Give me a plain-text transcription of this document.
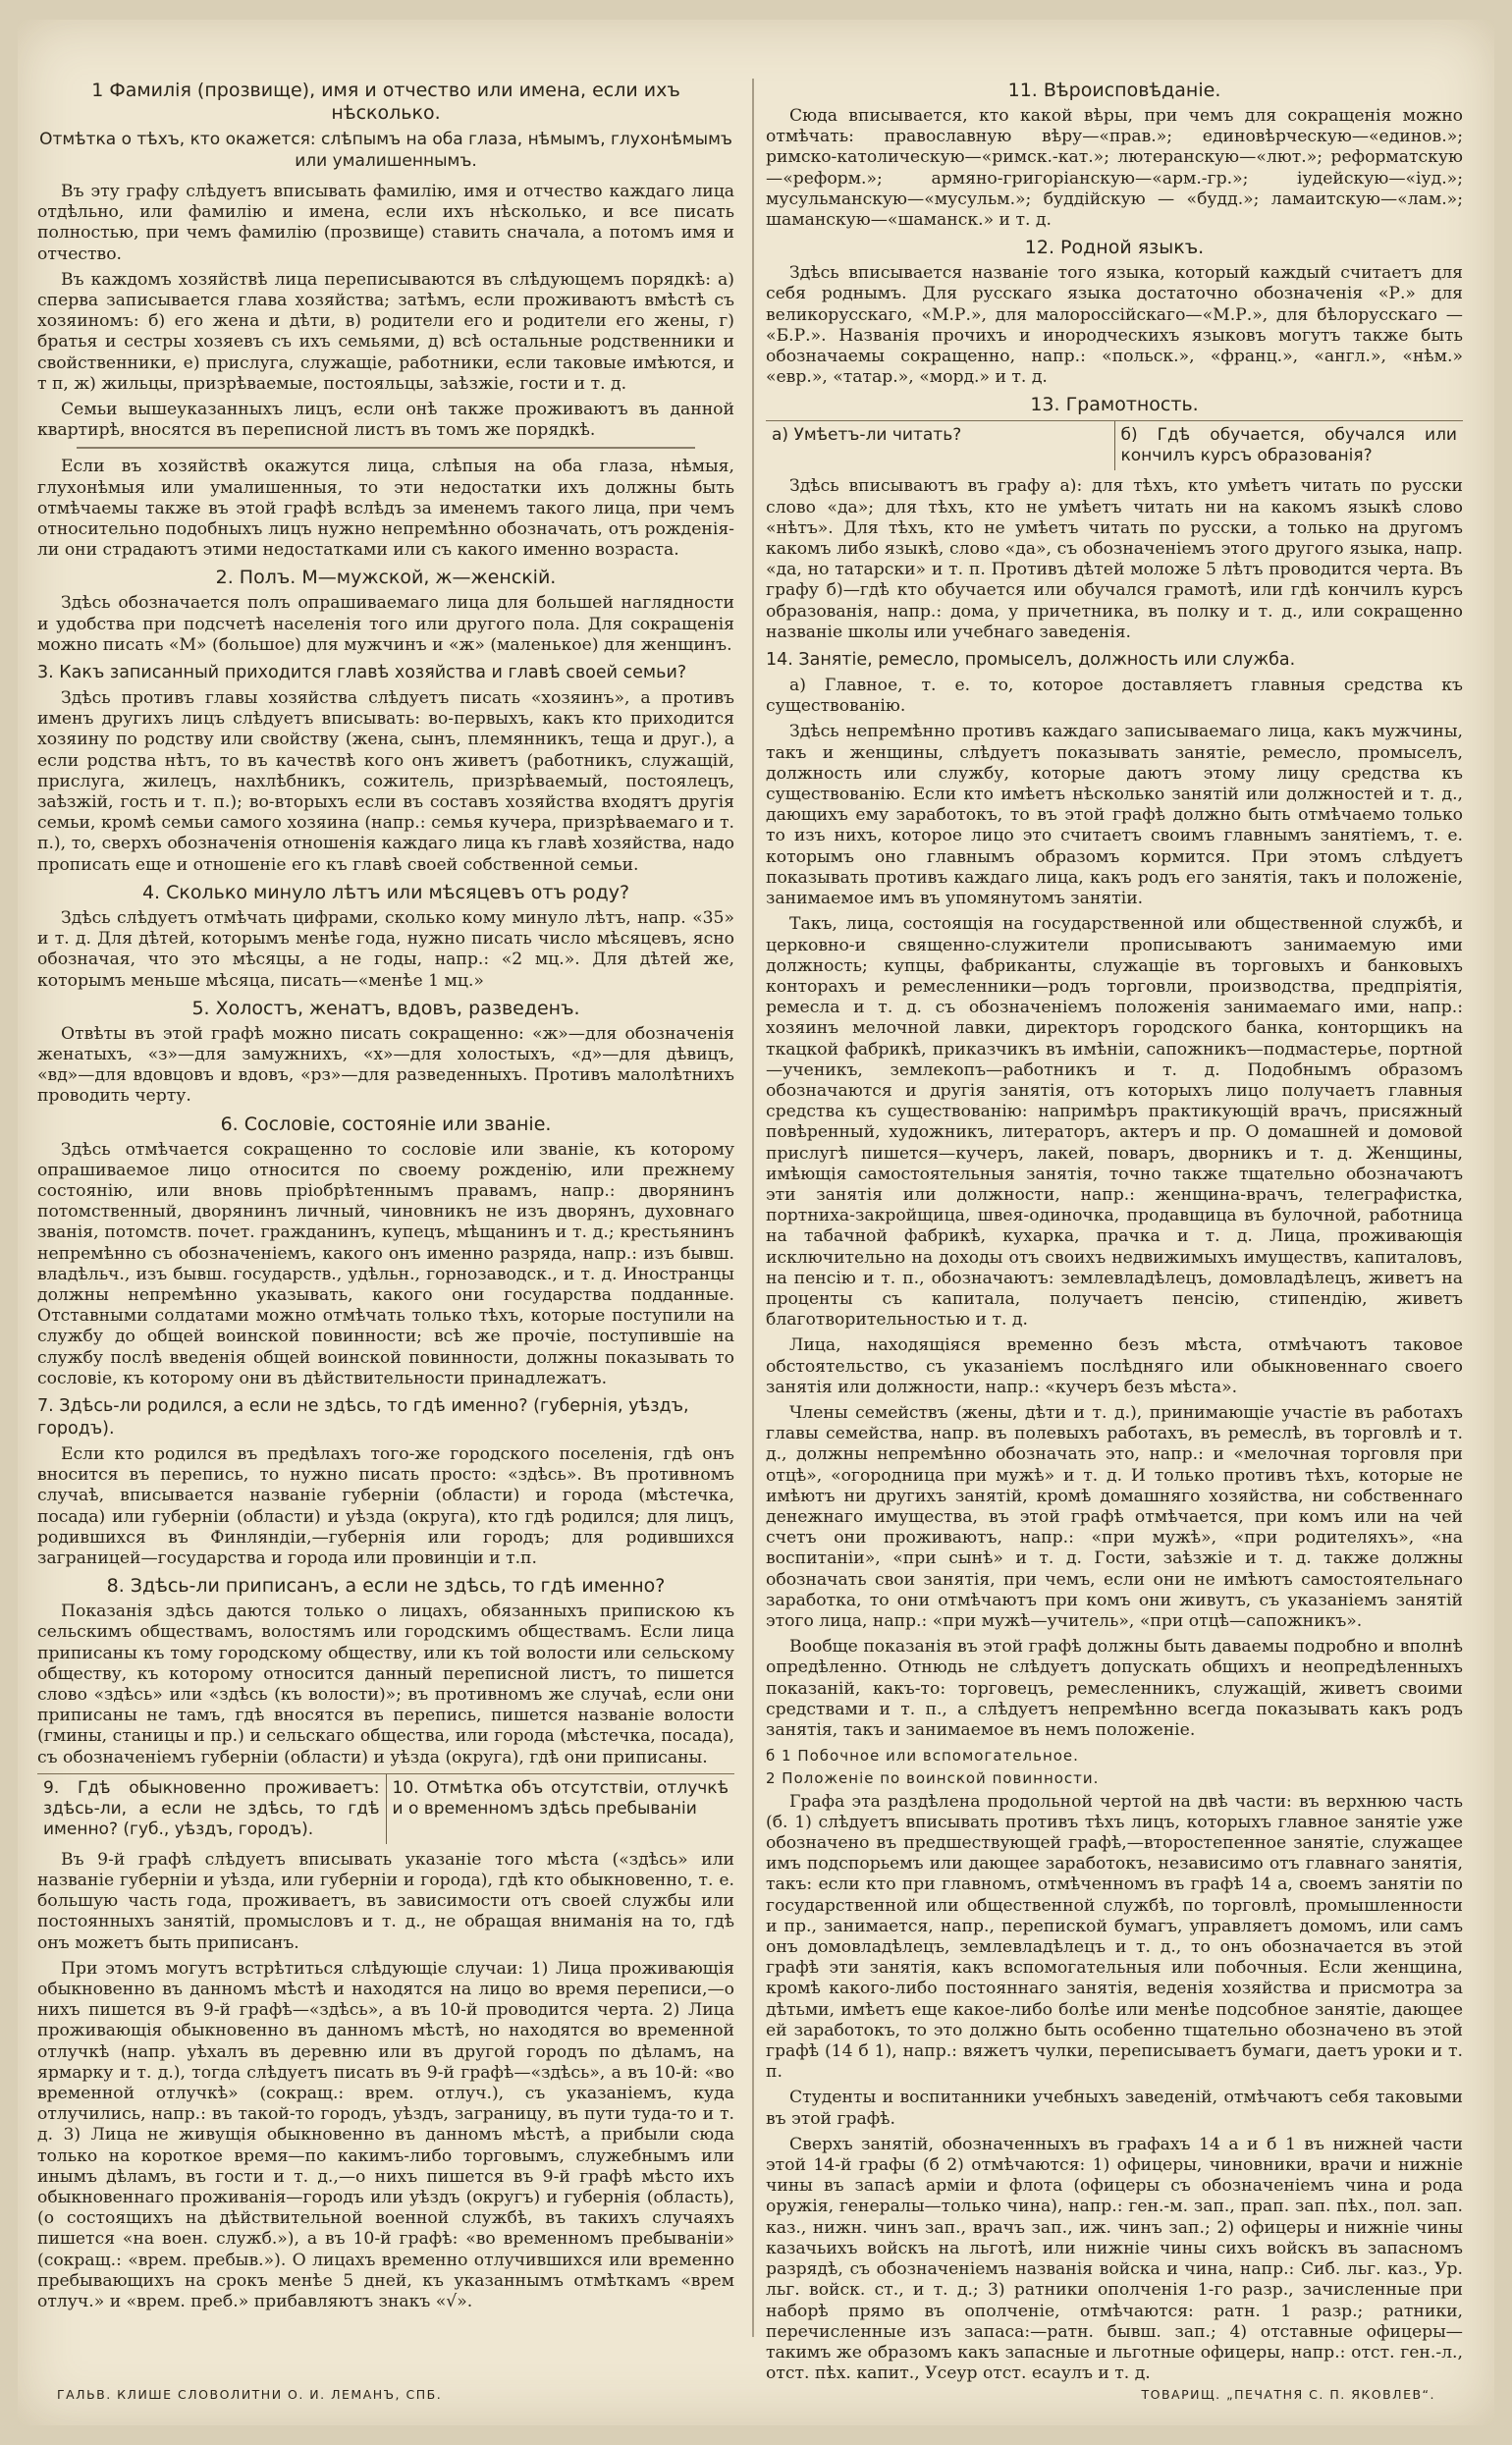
1 Фамилія (прозвище), имя и отчество или имена, если ихъ нѣсколько.
Отмѣтка о тѣхъ, кто окажется: слѣпымъ на оба глаза, нѣмымъ, глухонѣмымъ или умалишеннымъ.

Въ эту графу слѣдуетъ вписывать фамилію, имя и отчество каждаго лица отдѣльно, или фамилію и имена, если ихъ нѣсколько, и все писать полностью, при чемъ фамилію (прозвище) ставить сначала, а потомъ имя и отчество.

Въ каждомъ хозяйствѣ лица переписываются въ слѣдующемъ порядкѣ: а) сперва записывается глава хозяйства; затѣмъ, если проживаютъ вмѣстѣ съ хозяиномъ: б) его жена и дѣти, в) родители его и родители его жены, г) братья и сестры хозяевъ съ ихъ семьями, д) всѣ остальные родственники и свойственники, е) прислуга, служащіе, работники, если таковые имѣются, и т п, ж) жильцы, призрѣваемые, постояльцы, заѣзжіе, гости и т. д.

Семьи вышеуказанныхъ лицъ, если онѣ также проживаютъ въ данной квартирѣ, вносятся въ переписной листъ въ томъ же порядкѣ.

Если въ хозяйствѣ окажутся лица, слѣпыя на оба глаза, нѣмыя, глухонѣмыя или умалишенныя, то эти недостатки ихъ должны быть отмѣчаемы также въ этой графѣ вслѣдъ за именемъ такого лица, при чемъ относительно подобныхъ лицъ нужно непремѣнно обозначать, отъ рожденія-ли они страдаютъ этими недостатками или съ какого именно возраста.

2. Полъ. М—мужской, ж—женскій.

Здѣсь обозначается полъ опрашиваемаго лица для большей наглядности и удобства при подсчетѣ населенія того или другого пола. Для сокращенія можно писать «М» (большое) для мужчинъ и «ж» (маленькое) для женщинъ.

3. Какъ записанный приходится главѣ хозяйства и главѣ своей семьи?

Здѣсь противъ главы хозяйства слѣдуетъ писать «хозяинъ», а противъ именъ другихъ лицъ слѣдуетъ вписывать: во-первыхъ, какъ кто приходится хозяину по родству или свойству (жена, сынъ, племянникъ, теща и друг.), а если родства нѣтъ, то въ качествѣ кого онъ живетъ (работникъ, служащій, прислуга, жилецъ, нахлѣбникъ, сожитель, призрѣваемый, постоялецъ, заѣзжій, гость и т. п.); во-вторыхъ если въ составъ хозяйства входятъ другія семьи, кромѣ семьи самого хозяина (напр.: семья кучера, призрѣваемаго и т. п.), то, сверхъ обозначенія отношенія каждаго лица къ главѣ хозяйства, надо прописать еще и отношеніе его къ главѣ своей собственной семьи.

4. Сколько минуло лѣтъ или мѣсяцевъ отъ роду?

Здѣсь слѣдуетъ отмѣчать цифрами, сколько кому минуло лѣтъ, напр. «35» и т. д. Для дѣтей, которымъ менѣе года, нужно писать число мѣсяцевъ, ясно обозначая, что это мѣсяцы, а не годы, напр.: «2 мц.». Для дѣтей же, которымъ меньше мѣсяца, писать—«менѣе 1 мц.»

5. Холостъ, женатъ, вдовъ, разведенъ.

Отвѣты въ этой графѣ можно писать сокращенно: «ж»—для обозначенія женатыхъ, «з»—для замужнихъ, «х»—для холостыхъ, «д»—для дѣвицъ, «вд»—для вдовцовъ и вдовъ, «рз»—для разведенныхъ. Противъ малолѣтнихъ проводить черту.

6. Сословіе, состояніе или званіе.

Здѣсь отмѣчается сокращенно то сословіе или званіе, къ которому опрашиваемое лицо относится по своему рожденію, или прежнему состоянію, или вновь пріобрѣтеннымъ правамъ, напр.: дворянинъ потомственный, дворянинъ личный, чиновникъ не изъ дворянъ, духовнаго званія, потомств. почет. гражданинъ, купецъ, мѣщанинъ и т. д.; крестьянинъ непремѣнно съ обозначеніемъ, какого онъ именно разряда, напр.: изъ бывш. владѣльч., изъ бывш. государств., удѣльн., горнозаводск., и т. д. Иностранцы должны непремѣнно указывать, какого они государства подданные. Отставными солдатами можно отмѣчать только тѣхъ, которые поступили на службу до общей воинской повинности; всѣ же прочіе, поступившіе на службу послѣ введенія общей воинской повинности, должны показывать то сословіе, къ которому они въ дѣйствительности принадлежатъ.

7. Здѣсь-ли родился, а если не здѣсь, то гдѣ именно? (губернія, уѣздъ, городъ).

Если кто родился въ предѣлахъ того-же городского поселенія, гдѣ онъ вносится въ перепись, то нужно писать просто: «здѣсь». Въ противномъ случаѣ, вписывается названіе губерніи (области) и города (мѣстечка, посада) или губерніи (области) и уѣзда (округа), кто гдѣ родился; для лицъ, родившихся въ Финляндіи,—губернія или городъ; для родившихся заграницей—государства и города или провинціи и т.п.

8. Здѣсь-ли приписанъ, а если не здѣсь, то гдѣ именно?

Показанія здѣсь даются только о лицахъ, обязанныхъ припискою къ сельскимъ обществамъ, волостямъ или городскимъ обществамъ. Если лица приписаны къ тому городскому обществу, или къ той волости или сельскому обществу, къ которому относится данный переписной листъ, то пишется слово «здѣсь» или «здѣсь (къ волости)»; въ противномъ же случаѣ, если они приписаны не тамъ, гдѣ вносятся въ перепись, пишется названіе волости (гмины, станицы и пр.) и сельскаго общества, или города (мѣстечка, посада), съ обозначеніемъ губерніи (области) и уѣзда (округа), гдѣ они приписаны.

9. Гдѣ обыкновенно проживаетъ: здѣсь-ли, а если не здѣсь, то гдѣ именно? (губ., уѣздъ, городъ).
10. Отмѣтка объ отсутствіи, отлучкѣ и о временномъ здѣсь пребываніи

Въ 9-й графѣ слѣдуетъ вписывать указаніе того мѣста («здѣсь» или названіе губерніи и уѣзда, или губерніи и города), гдѣ кто обыкновенно, т. е. большую часть года, проживаетъ, въ зависимости отъ своей службы или постоянныхъ занятій, промысловъ и т. д., не обращая вниманія на то, гдѣ онъ можетъ быть приписанъ.

При этомъ могутъ встрѣтиться слѣдующіе случаи: 1) Лица проживающія обыкновенно въ данномъ мѣстѣ и находятся на лицо во время переписи,—о нихъ пишется въ 9-й графѣ—«здѣсь», а въ 10-й проводится черта. 2) Лица проживающія обыкновенно въ данномъ мѣстѣ, но находятся во временной отлучкѣ (напр. уѣхалъ въ деревню или въ другой городъ по дѣламъ, на ярмарку и т. д.), тогда слѣдуетъ писать въ 9-й графѣ—«здѣсь», а въ 10-й: «во временной отлучкѣ» (сокращ.: врем. отлуч.), съ указаніемъ, куда отлучились, напр.: въ такой-то городъ, уѣздъ, заграницу, въ пути туда-то и т. д. 3) Лица не живущія обыкновенно въ данномъ мѣстѣ, а прибыли сюда только на короткое время—по какимъ-либо торговымъ, служебнымъ или инымъ дѣламъ, въ гости и т. д.,—о нихъ пишется въ 9-й графѣ мѣсто ихъ обыкновеннаго проживанія—городъ или уѣздъ (округъ) и губернія (область), (о состоящихъ на дѣйствительной военной службѣ, въ такихъ случаяхъ пишется «на воен. служб.»), а въ 10-й графѣ: «во временномъ пребываніи» (сокращ.: «врем. пребыв.»). О лицахъ временно отлучившихся или временно пребывающихъ на срокъ менѣе 5 дней, къ указаннымъ отмѣткамъ «врем отлуч.» и «врем. преб.» прибавляютъ знакъ «√».

11. Вѣроисповѣданіе.

Сюда вписывается, кто какой вѣры, при чемъ для сокращенія можно отмѣчать: православную вѣру—«прав.»; единовѣрческую—«единов.»; римско-католическую—«римск.-кат.»; лютеранскую—«лют.»; реформатскую—«реформ.»; армяно-григоріанскую—«арм.-гр.»; іудейскую—«іуд.»; мусульманскую—«мусульм.»; буддійскую — «будд.»; ламаитскую—«лам.»; шаманскую—«шаманск.» и т. д.

12. Родной языкъ.

Здѣсь вписывается названіе того языка, который каждый считаетъ для себя роднымъ. Для русскаго языка достаточно обозначенія «Р.» для великорусскаго, «М.Р.», для малороссійскаго—«М.Р.», для бѣлорусскаго — «Б.Р.». Названія прочихъ и инородческихъ языковъ могутъ также быть обозначаемы сокращенно, напр.: «польск.», «франц.», «англ.», «нѣм.» «евр.», «татар.», «морд.» и т. д.

13. Грамотность.
а) Умѣетъ-ли читать?	б) Гдѣ обучается, обучался или кончилъ курсъ образованія?

Здѣсь вписываютъ въ графу а): для тѣхъ, кто умѣетъ читать по русски слово «да»; для тѣхъ, кто не умѣетъ читать ни на какомъ языкѣ слово «нѣтъ». Для тѣхъ, кто не умѣетъ читать по русски, а только на другомъ какомъ либо языкѣ, слово «да», съ обозначеніемъ этого другого языка, напр. «да, но татарски» и т. п. Противъ дѣтей моложе 5 лѣтъ проводится черта. Въ графу б)—гдѣ кто обучается или обучался грамотѣ, или гдѣ кончилъ курсъ образованія, напр.: дома, у причетника, въ полку и т. д., или сокращенно названіе школы или учебнаго заведенія.

14. Занятіе, ремесло, промыселъ, должность или служба.

а) Главное, т. е. то, которое доставляетъ главныя средства къ существованію.

Здѣсь непремѣнно противъ каждаго записываемаго лица, какъ мужчины, такъ и женщины, слѣдуетъ показывать занятіе, ремесло, промыселъ, должность или службу, которые даютъ этому лицу средства къ существованію. Если кто имѣетъ нѣсколько занятій или должностей и т. д., дающихъ ему заработокъ, то въ этой графѣ должно быть отмѣчаемо только то изъ нихъ, которое лицо это считаетъ своимъ главнымъ занятіемъ, т. е. которымъ оно главнымъ образомъ кормится. При этомъ слѣдуетъ показывать противъ каждаго лица, какъ родъ его занятія, такъ и положеніе, занимаемое имъ въ упомянутомъ занятіи.

Такъ, лица, состоящія на государственной или общественной службѣ, и церковно-и священно-служители прописываютъ занимаемую ими должность; купцы, фабриканты, служащіе въ торговыхъ и банковыхъ конторахъ и ремесленники—родъ торговли, производства, предпріятія, ремесла и т. д. съ обозначеніемъ положенія занимаемаго ими, напр.: хозяинъ мелочной лавки, директоръ городского банка, конторщикъ на ткацкой фабрикѣ, приказчикъ въ имѣніи, сапожникъ—подмастерье, портной—ученикъ, землекопъ—работникъ и т. д. Подобнымъ образомъ обозначаются и другія занятія, отъ которыхъ лицо получаетъ главныя средства къ существованію: напримѣръ практикующій врачъ, присяжный повѣренный, художникъ, литераторъ, актеръ и пр. О домашней и домовой прислугѣ пишется—кучеръ, лакей, поваръ, дворникъ и т. д. Женщины, имѣющія самостоятельныя занятія, точно также тщательно обозначаютъ эти занятія или должности, напр.: женщина-врачъ, телеграфистка, портниха-закройщица, швея-одиночка, продавщица въ булочной, работница на табачной фабрикѣ, кухарка, прачка и т. д. Лица, проживающія исключительно на доходы отъ своихъ недвижимыхъ имуществъ, капиталовъ, на пенсію и т. п., обозначаютъ: землевладѣлецъ, домовладѣлецъ, живетъ на проценты съ капитала, получаетъ пенсію, стипендію, живетъ благотворительностью и т. д.

Лица, находящіяся временно безъ мѣста, отмѣчаютъ таковое обстоятельство, съ указаніемъ послѣдняго или обыкновеннаго своего занятія или должности, напр.: «кучеръ безъ мѣста».

Члены семействъ (жены, дѣти и т. д.), принимающіе участіе въ работахъ главы семейства, напр. въ полевыхъ работахъ, въ ремеслѣ, въ торговлѣ и т. д., должны непремѣнно обозначать это, напр.: и «мелочная торговля при отцѣ», «огородница при мужѣ» и т. д. И только противъ тѣхъ, которые не имѣютъ ни другихъ занятій, кромѣ домашняго хозяйства, ни собственнаго денежнаго имущества, въ этой графѣ отмѣчается, при комъ или на чей счетъ они проживаютъ, напр.: «при мужѣ», «при родителяхъ», «на воспитаніи», «при сынѣ» и т. д. Гости, заѣзжіе и т. д. также должны обозначать свои занятія, при чемъ, если они не имѣютъ самостоятельнаго заработка, то они отмѣчаютъ при комъ они живутъ, съ указаніемъ занятій этого лица, напр.: «при мужѣ—учитель», «при отцѣ—сапожникъ».

Вообще показанія въ этой графѣ должны быть даваемы подробно и вполнѣ опредѣленно. Отнюдь не слѣдуетъ допускать общихъ и неопредѣленныхъ показаній, какъ-то: торговецъ, ремесленникъ, служащій, живетъ своими средствами и т. п., а слѣдуетъ непремѣнно всегда показывать какъ родъ занятія, такъ и занимаемое въ немъ положеніе.

б 1 Побочное или вспомогательное.

2 Положеніе по воинской повинности.

Графа эта раздѣлена продольной чертой на двѣ части: въ верхнюю часть (б. 1) слѣдуетъ вписывать противъ тѣхъ лицъ, которыхъ главное занятіе уже обозначено въ предшествующей графѣ,—второстепенное занятіе, служащее имъ подспорьемъ или дающее заработокъ, независимо отъ главнаго занятія, такъ: если кто при главномъ, отмѣченномъ въ графѣ 14 а, своемъ занятіи по государственной или общественной службѣ, по торговлѣ, промышленности и пр., занимается, напр., перепиской бумагъ, управляетъ домомъ, или самъ онъ домовладѣлецъ, землевладѣлецъ и т. д., то онъ обозначается въ этой графѣ эти занятія, какъ вспомогательныя или побочныя. Если женщина, кромѣ какого-либо постояннаго занятія, веденія хозяйства и присмотра за дѣтьми, имѣетъ еще какое-либо болѣе или менѣе подсобное занятіе, дающее ей заработокъ, то это должно быть особенно тщательно обозначено въ этой графѣ (14 б 1), напр.: вяжетъ чулки, переписываетъ бумаги, даетъ уроки и т. п.

Студенты и воспитанники учебныхъ заведеній, отмѣчаютъ себя таковыми въ этой графѣ.

Сверхъ занятій, обозначенныхъ въ графахъ 14 а и б 1 въ нижней части этой 14-й графы (б 2) отмѣчаются: 1) офицеры, чиновники, врачи и нижніе чины въ запасѣ арміи и флота (офицеры съ обозначеніемъ чина и рода оружія, генералы—только чина), напр.: ген.-м. зап., прап. зап. пѣх., пол. зап. каз., нижн. чинъ зап., врачъ зап., иж. чинъ зап.; 2) офицеры и нижніе чины казачьихъ войскъ на льготѣ, или нижніе чины сихъ войскъ въ запасномъ разрядѣ, съ обозначеніемъ названія войска и чина, напр.: Сиб. льг. каз., Ур. льг. войск. ст., и т. д.; 3) ратники ополченія 1-го разр., зачисленные при наборѣ прямо въ ополченіе, отмѣчаются: ратн. 1 разр.; ратники, перечисленные изъ запаса:—ратн. бывш. зап.; 4) отставные офицеры—такимъ же образомъ какъ запасные и льготные офицеры, напр.: отст. ген.-л., отст. пѣх. капит., Усеур отст. есаулъ и т. д.

ГАЛЬВ. КЛИШЕ СЛОВОЛИТНИ О. И. ЛЕМАНЪ, СПБ.	ТОВАРИЩ. „ПЕЧАТНЯ С. П. ЯКОВЛЕВ“.
